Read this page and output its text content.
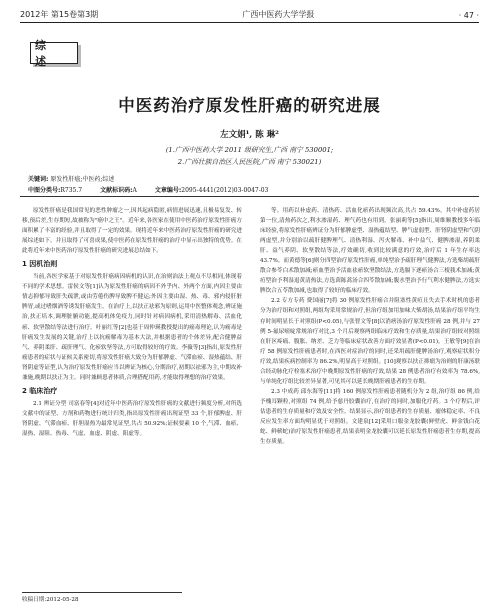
2012年 第15卷第3期	广西中医药大学学报	· 47 ·
综 述
中医药治疗原发性肝癌的研究进展
左文娟¹, 陈 琳²
(1.广西中医药大学 2011 级研究生,广西 南宁 530001;
2.广西壮族自治区人民医院,广西 南宁 530021)
关键词: 原发性肝癌;中医药;综述
中图分类号:R735.7	文献标识码:A	文章编号:2095-4441(2012)03-0047-03

原发性肝癌是我国常见的恶性肿瘤之一,因其起病隐匿,病情进展迅速,且极易复发、转移,预后差,生存期短,故被称为"癌中之王"。近年来,各医家在使用中医药治疗原发性肝癌方面积累了丰富的经验,并且取得了一定的效果。现将近年来中医药治疗原发性肝癌的研究进展综述如下。并且取得了可喜成果,使中医药在原发性肝癌的治疗中显示出独特的优势。在此将近年来中医药治疗原发性肝癌的研究进展总结如下。

1 因机治则

当前,各医学家基于对原发性肝癌病因病机的认识,在治则治法上观点不尽相同,体现着不同的学术思想。雷侯文等[1]认为原发性肝癌的病因不外乎内、外两个方面,内因主要由情志抑郁导致肝失疏泄,或由劳倦伤脾导致脾不健运;外因主要由湿、热、毒、邪内侵肝脏脾胃,或过嗜烟酒等诱发肝癌发生。在治疗上,以扶正祛邪为原则,运用中医整体观念,辨证施治,扶正培本,调理脏腑功能,提高机体免疫力,同时针对病因病机,采用清热解毒、活血化瘀、软坚散结等法进行治疗。叶丽红等[2]也基于周仲瑛教授提出的癌毒理论,认为癌毒是肝癌发生发展的关键,治疗上以抗癌解毒为基本大法,并根据患者的个体差异,配合健脾益气、养阴柔肝、疏肝理气、化瘀软坚等法,方可取得较好的疗效。李薇等[3]指出,原发性肝癌患者的症状与证候关系密切,将原发性肝癌大致分为肝郁脾虚、气滞血瘀、湿热蕴结、肝肾阴虚等证型,认为治疗原发性肝癌应当以辨证为核心,分期治疗,初期以祛邪为主,中期攻补兼施,晚期以扶正为主。同时兼顾患者体质,合理搭配用药,才能取得理想的治疗效果。

2 临床治疗

2.1 辨证分型 司富春等[4]对近年中医药治疗原发性肝癌的文献进行频度分析,对所选文献中的证型、方剂和药物进行统计归类,指出原发性肝癌出现证型 33 个,肝郁脾虚、肝肾阴虚、气滞血瘀、肝胆湿热为最常见证型,共占 50.92%;证候要素 10 个,气滞、血瘀、湿热、湿阻、热毒、气虚、血虚、阴虚、阳虚等。

等。用药以补虚药、清热药、活血化瘀药出现频次高,共占 59.43%。其中补虚药居第一位,清热药次之,利水渗湿药、理气药也有用到。张丽莉等[5]指出,周维顺教授多年临床经验,将原发性肝癌辨证分为肝郁脾虚型、湿热蕴结型、脾气虚弱型、肝肾阴虚型和气阴两虚型,并分别治以疏肝健脾理气、清热利湿、泻火解毒、补中益气、健脾渗湿,养阴柔肝、益气养阴、软坚散结等法,疗效确切,收到比较满意的疗效,治疗后 1 年生存率达 43.7%。而黄德等[6]则分四型治疗原发性肝癌,单纯型治予疏肝理气健脾法,方选柴胡疏肝散合参苓白术散加减;瘀血型治予活血祛瘀软坚散结法,方选膈下逐瘀汤合三棱莪术加减;黄疸型治予利湿退黄清热法,方选茵陈蒿汤合四苓散加减;腹水型治予行气利水健脾法,方选实脾饮合五苓散加减,也取得了较好的临床疗效。

2.2 专方专药 费国丽[7]将 30 例原发性肝癌合并阻塞性黄疸且失去手术时机的患者分为治疗组和对照组,两组均采用常规治疗,但治疗组加用加味大柴胡汤,结果治疗组平均生存时间明显长于对照组(P<0.05),与张智文等[8]以消痞汤治疗原发性肝癌 28 例,并与 27 例 5-氟尿嘧啶常规治疗对比,3 个月后观察两组临床疗效和生存质量,结果治疗组较对照组在肝区疼痛、腹胀、纳差、乏力等临床症状改善方面疗效显著(P<0.01)。王敏等[9]在治疗 58 例原发性肝癌患者时,在西医对症治疗的同时,还采用疏肝健脾汤治疗,观察症状积分疗效,结果疾病控制率为 86.2%,明显高于对照组。[10]观察以扶正抑瘤为治则的肝康汤联合经动脉化疗栓塞术治疗中晚期原发性肝癌的疗效,结果 28 例患者治疗有效率为 78.6%,与单纯化疗组比较差异显著,可见其可以延长晚期肝癌患者的生存期。

2.3 中成药 邱东海等[11]将 160 例原发性肝癌患者随机分为 2 组,治疗组 86 例,给予槐耳颗粒,对照组 74 例,给予慈丹胶囊治疗,在治疗的同时,加服化疗药。3 个疗程后,评估患者的生存质量和疗效及安全性。结果显示,治疗组患者的生存质量、瘤体稳定率、不良反应发生率方面均明显优于对照组。文建泉[12]采用口服金龙胶囊(鲜壁虎、鲜金钱白花蛇、鲜蕲蛇)治疗原发性肝癌患者,结果表明金龙胶囊可以延长原发性肝癌患者生存期,提高生存质量。

收稿日期:2012-05-28
